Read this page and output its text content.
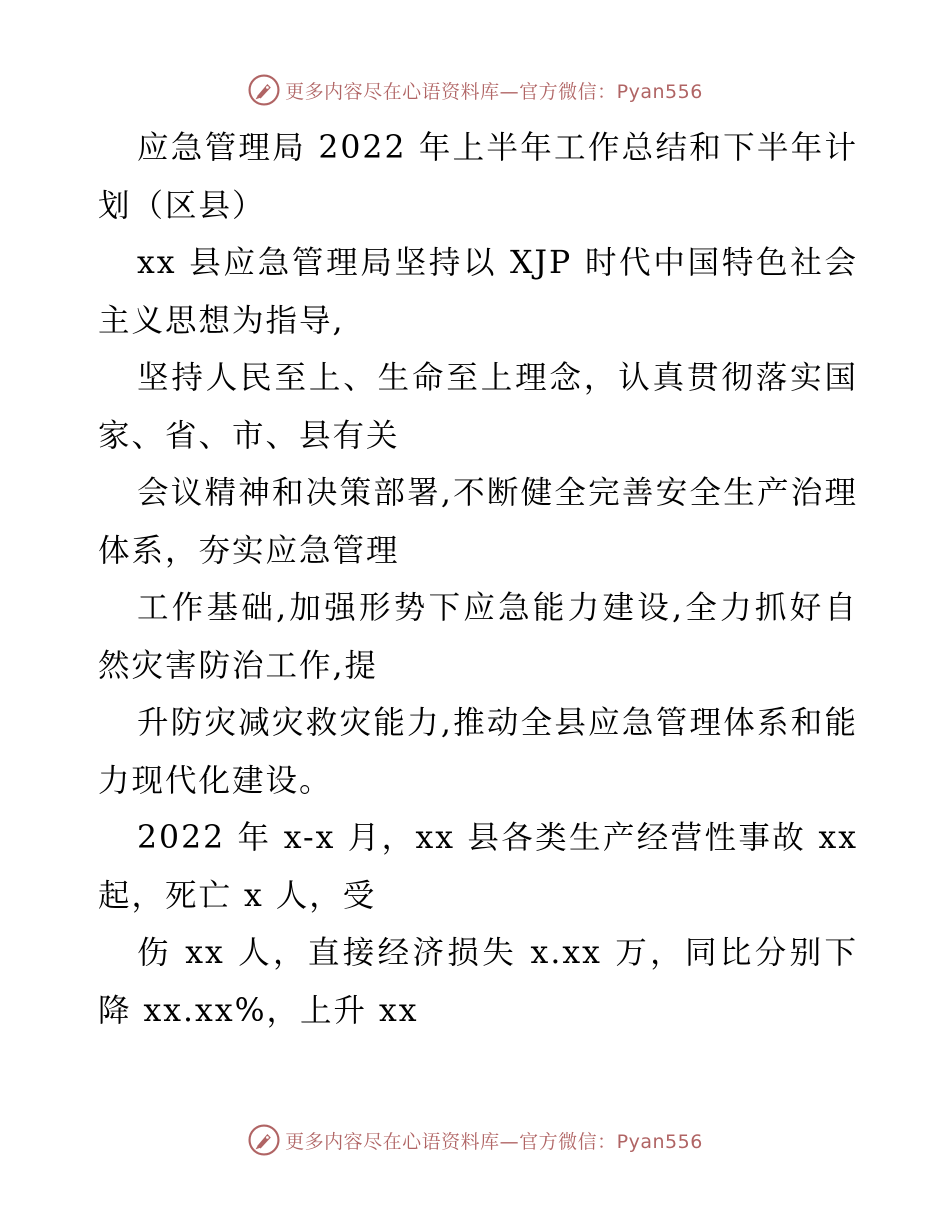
更多内容尽在心语资料库—官方微信：Pyan556

应急管理局 2022 年上半年工作总结和下半年计划（区县）

xx 县应急管理局坚持以 XJP 时代中国特色社会主义思想为指导,

坚持人民至上、生命至上理念，认真贯彻落实国家、省、市、县有关

会议精神和决策部署,不断健全完善安全生产治理体系，夯实应急管理

工作基础,加强形势下应急能力建设,全力抓好自然灾害防治工作,提

升防灾减灾救灾能力,推动全县应急管理体系和能力现代化建设。

2022 年 x-x 月，xx 县各类生产经营性事故 xx 起，死亡 x 人，受

伤 xx 人，直接经济损失 x.xx 万，同比分别下降 xx.xx%，上升 xx

更多内容尽在心语资料库—官方微信：Pyan556
